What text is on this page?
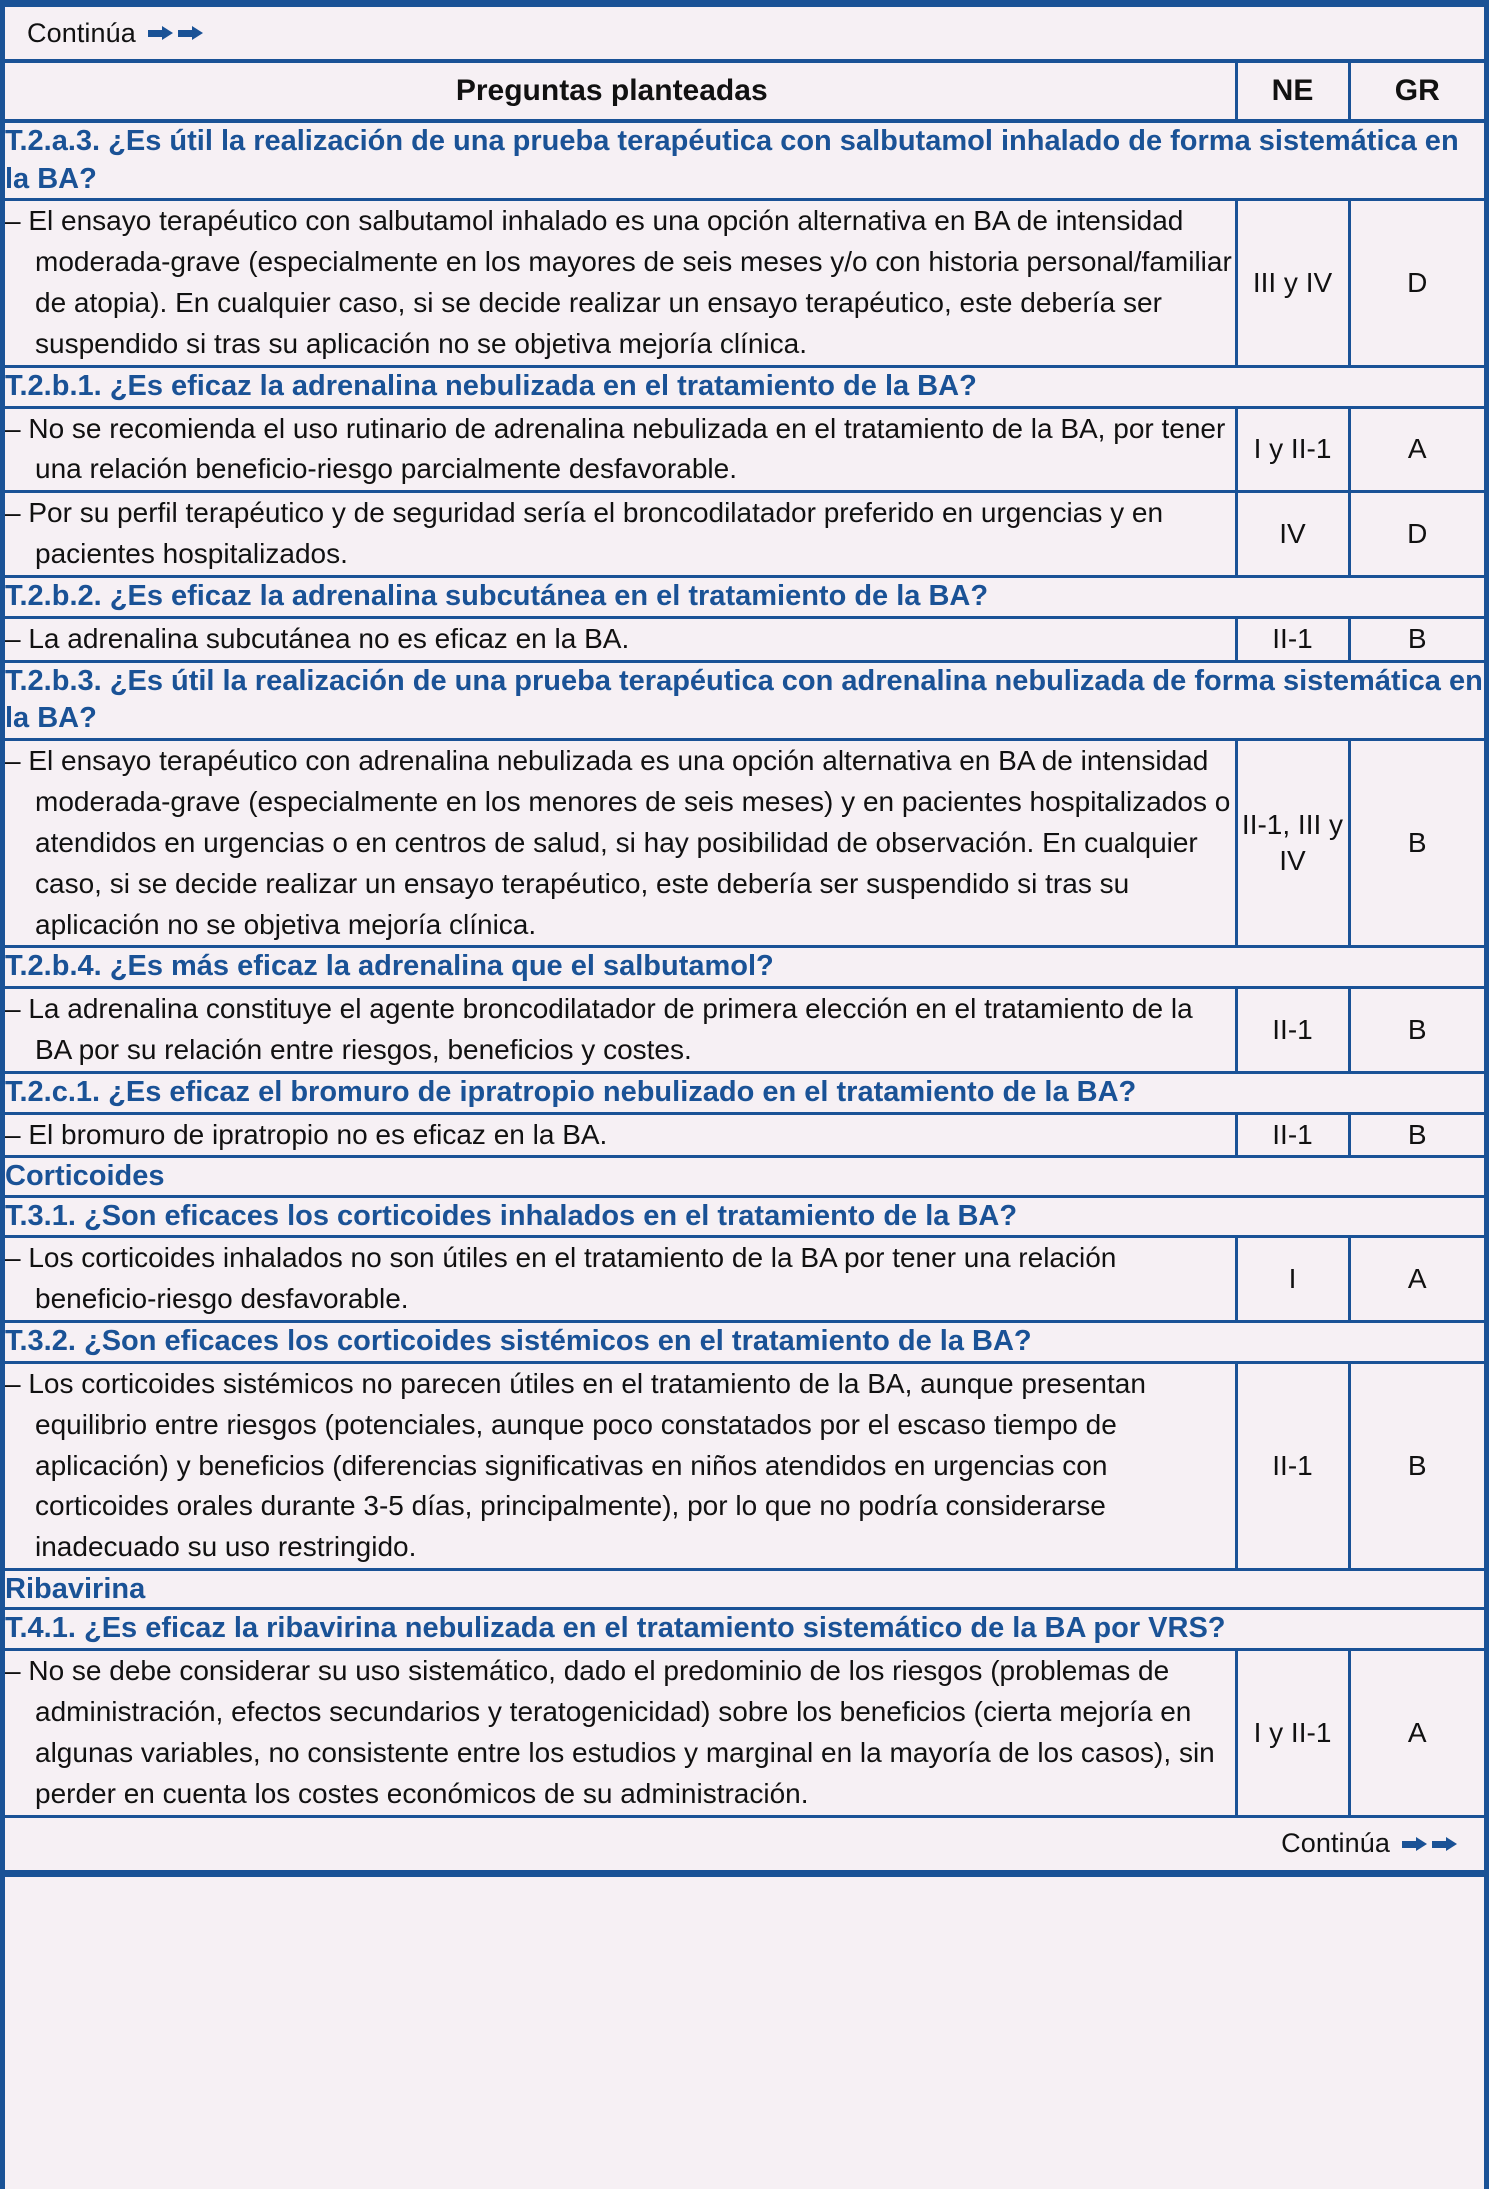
Continúa
Preguntas planteadas	NE	GR
T.2.a.3. ¿Es útil la realización de una prueba terapéutica con salbutamol inhalado de forma sistemática en la BA?		

– El ensayo terapéutico con salbutamol inhalado es una opción alternativa en BA de intensidad moderada-grave (especialmente en los mayores de seis meses y/o con historia personal/familiar de atopia). En cualquier caso, si se decide realizar un ensayo terapéutico, este debería ser suspendido si tras su aplicación no se objetiva mejoría clínica.	III y IV	D
T.2.b.1. ¿Es eficaz la adrenalina nebulizada en el tratamiento de la BA?		

– No se recomienda el uso rutinario de adrenalina nebulizada en el tratamiento de la BA, por tener una relación beneficio-riesgo parcialmente desfavorable.	I y II-1	A

– Por su perfil terapéutico y de seguridad sería el broncodilatador preferido en urgencias y en pacientes hospitalizados.	IV	D
T.2.b.2. ¿Es eficaz la adrenalina subcutánea en el tratamiento de la BA?		

– La adrenalina subcutánea no es eficaz en la BA.	II-1	B
T.2.b.3. ¿Es útil la realización de una prueba terapéutica con adrenalina nebulizada de forma sistemática en la BA?		

– El ensayo terapéutico con adrenalina nebulizada es una opción alternativa en BA de intensidad moderada-grave (especialmente en los menores de seis meses) y en pacientes hospitalizados o atendidos en urgencias o en centros de salud, si hay posibilidad de observación. En cualquier caso, si se decide realizar un ensayo terapéutico, este debería ser suspendido si tras su aplicación no se objetiva mejoría clínica.	II-1, III y IV	B
T.2.b.4. ¿Es más eficaz la adrenalina que el salbutamol?		

– La adrenalina constituye el agente broncodilatador de primera elección en el tratamiento de la BA por su relación entre riesgos, beneficios y costes.	II-1	B
T.2.c.1. ¿Es eficaz el bromuro de ipratropio nebulizado en el tratamiento de la BA?		

– El bromuro de ipratropio no es eficaz en la BA.	II-1	B
Corticoides		
T.3.1. ¿Son eficaces los corticoides inhalados en el tratamiento de la BA?		

– Los corticoides inhalados no son útiles en el tratamiento de la BA por tener una relación beneficio-riesgo desfavorable.	I	A
T.3.2. ¿Son eficaces los corticoides sistémicos en el tratamiento de la BA?		

– Los corticoides sistémicos no parecen útiles en el tratamiento de la BA, aunque presentan equilibrio entre riesgos (potenciales, aunque poco constatados por el escaso tiempo de aplicación) y beneficios (diferencias significativas en niños atendidos en urgencias con corticoides orales durante 3-5 días, principalmente), por lo que no podría considerarse inadecuado su uso restringido.	II-1	B
Ribavirina		
T.4.1. ¿Es eficaz la ribavirina nebulizada en el tratamiento sistemático de la BA por VRS?		

– No se debe considerar su uso sistemático, dado el predominio de los riesgos (problemas de administración, efectos secundarios y teratogenicidad) sobre los beneficios (cierta mejoría en algunas variables, no consistente entre los estudios y marginal en la mayoría de los casos), sin perder en cuenta los costes económicos de su administración.	I y II-1	A
Continúa
